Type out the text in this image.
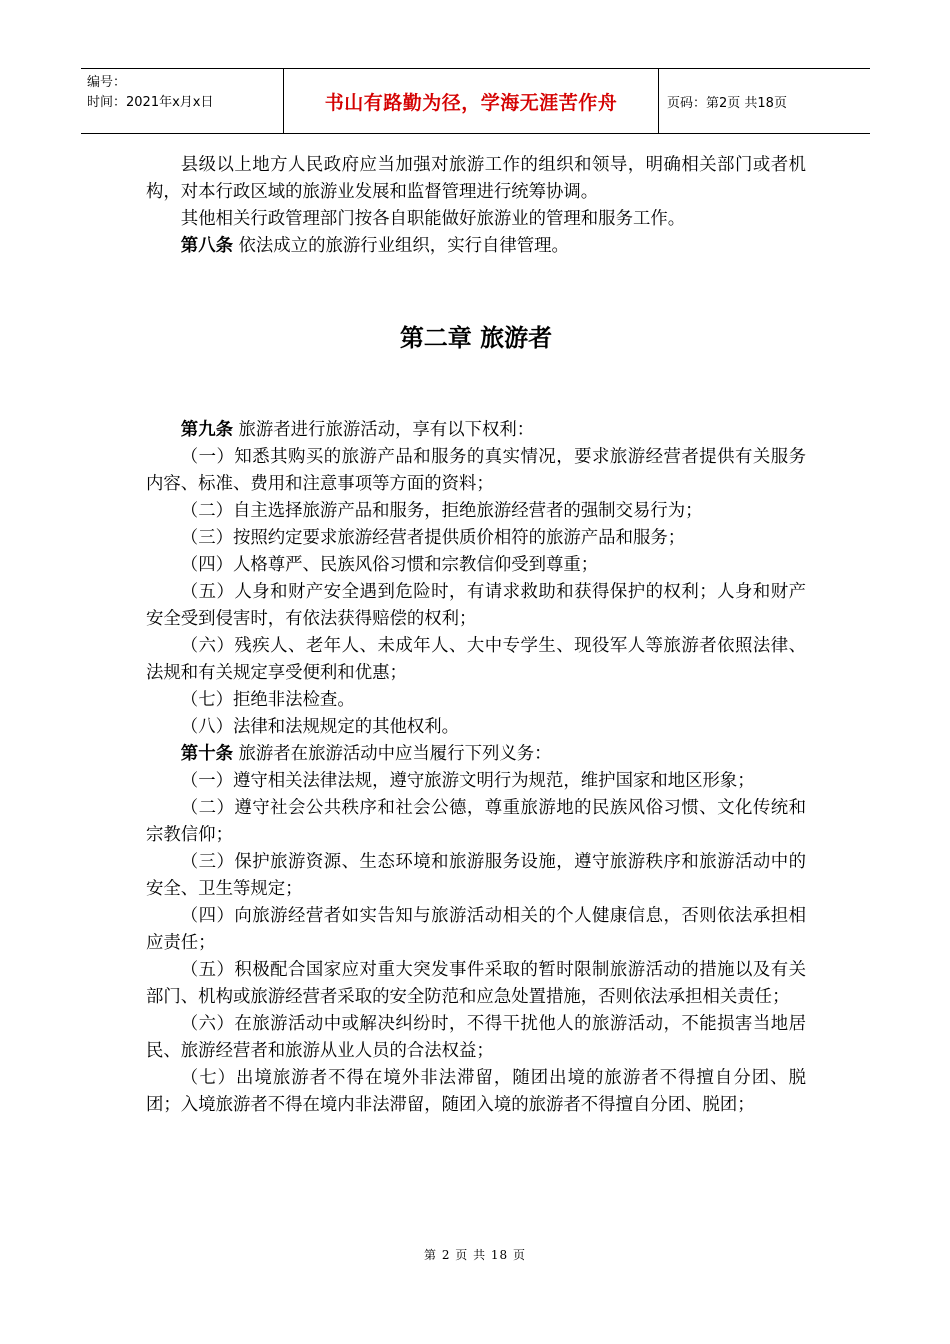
编号：
时间：2021年x月x日	书山有路勤为径，学海无涯苦作舟	页码：第2页 共18页

县级以上地方人民政府应当加强对旅游工作的组织和领导，明确相关部门或者机构，对本行政区域的旅游业发展和监督管理进行统筹协调。

其他相关行政管理部门按各自职能做好旅游业的管理和服务工作。

第八条 依法成立的旅游行业组织，实行自律管理。

第二章 旅游者

第九条 旅游者进行旅游活动，享有以下权利：

（一）知悉其购买的旅游产品和服务的真实情况，要求旅游经营者提供有关服务内容、标准、费用和注意事项等方面的资料；

（二）自主选择旅游产品和服务，拒绝旅游经营者的强制交易行为；

（三）按照约定要求旅游经营者提供质价相符的旅游产品和服务；

（四）人格尊严、民族风俗习惯和宗教信仰受到尊重；

（五）人身和财产安全遇到危险时，有请求救助和获得保护的权利；人身和财产安全受到侵害时，有依法获得赔偿的权利；

（六）残疾人、老年人、未成年人、大中专学生、现役军人等旅游者依照法律、法规和有关规定享受便利和优惠；

（七）拒绝非法检查。

（八）法律和法规规定的其他权利。

第十条 旅游者在旅游活动中应当履行下列义务：

（一）遵守相关法律法规，遵守旅游文明行为规范，维护国家和地区形象；

（二）遵守社会公共秩序和社会公德，尊重旅游地的民族风俗习惯、文化传统和宗教信仰；

（三）保护旅游资源、生态环境和旅游服务设施，遵守旅游秩序和旅游活动中的安全、卫生等规定；

（四）向旅游经营者如实告知与旅游活动相关的个人健康信息，否则依法承担相应责任；

（五）积极配合国家应对重大突发事件采取的暂时限制旅游活动的措施以及有关部门、机构或旅游经营者采取的安全防范和应急处置措施，否则依法承担相关责任；

（六）在旅游活动中或解决纠纷时，不得干扰他人的旅游活动，不能损害当地居民、旅游经营者和旅游从业人员的合法权益；

（七）出境旅游者不得在境外非法滞留，随团出境的旅游者不得擅自分团、脱团；入境旅游者不得在境内非法滞留，随团入境的旅游者不得擅自分团、脱团；

第 2 页 共 18 页
